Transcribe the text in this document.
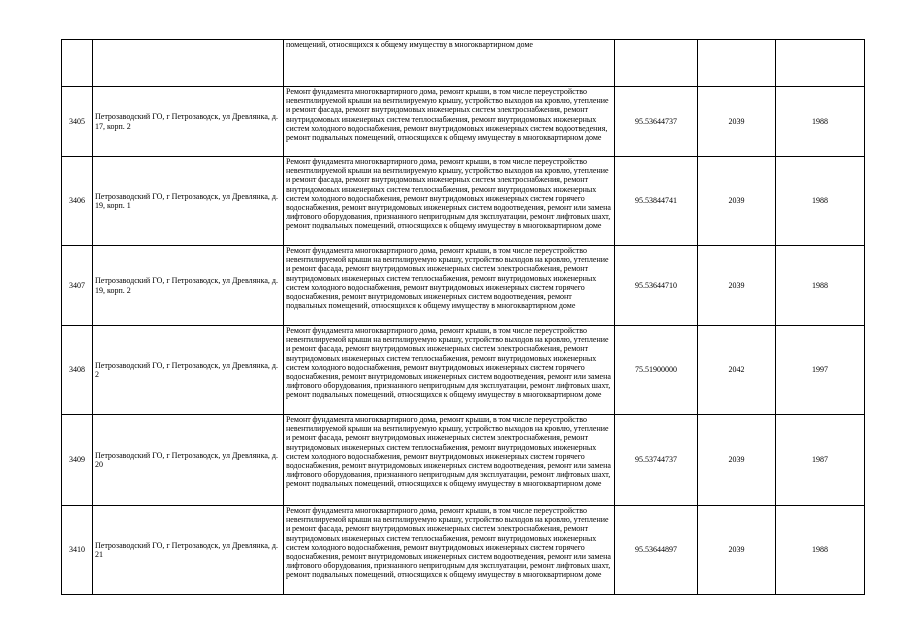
		помещений, относящихся к общему имуществу в многоквартирном доме			

3405	Петрозаводский ГО, г Петрозаводск, ул Древлянка, д. 17, корп. 2	Ремонт фундамента многоквартирного дома, ремонт крыши, в том числе переустройство невентилируемой крыши на вентилируемую крышу, устройство выходов на кровлю, утепление и ремонт фасада, ремонт внутридомовых инженерных систем электроснабжения, ремонт внутридомовых инженерных систем теплоснабжения, ремонт внутридомовых инженерных систем холодного водоснабжения, ремонт внутридомовых инженерных систем водоотведения, ремонт подвальных помещений, относящихся к общему имуществу в многоквартирном доме	95.53644737	2039	1988
3406	Петрозаводский ГО, г Петрозаводск, ул Древлянка, д. 19, корп. 1	Ремонт фундамента многоквартирного дома, ремонт крыши, в том числе переустройство невентилируемой крыши на вентилируемую крышу, устройство выходов на кровлю, утепление и ремонт фасада, ремонт внутридомовых инженерных систем электроснабжения, ремонт внутридомовых инженерных систем теплоснабжения, ремонт внутридомовых инженерных систем холодного водоснабжения, ремонт внутридомовых инженерных систем горячего водоснабжения, ремонт внутридомовых инженерных систем водоотведения, ремонт или замена лифтового оборудования, признанного непригодным для эксплуатации, ремонт лифтовых шахт, ремонт подвальных помещений, относящихся к общему имуществу в многоквартирном доме	95.53844741	2039	1988
3407	Петрозаводский ГО, г Петрозаводск, ул Древлянка, д. 19, корп. 2	Ремонт фундамента многоквартирного дома, ремонт крыши, в том числе переустройство невентилируемой крыши на вентилируемую крышу, устройство выходов на кровлю, утепление и ремонт фасада, ремонт внутридомовых инженерных систем электроснабжения, ремонт внутридомовых инженерных систем теплоснабжения, ремонт внутридомовых инженерных систем холодного водоснабжения, ремонт внутридомовых инженерных систем горячего водоснабжения, ремонт внутридомовых инженерных систем водоотведения, ремонт подвальных помещений, относящихся к общему имуществу в многоквартирном доме	95.53644710	2039	1988
3408	Петрозаводский ГО, г Петрозаводск, ул Древлянка, д. 2	Ремонт фундамента многоквартирного дома, ремонт крыши, в том числе переустройство невентилируемой крыши на вентилируемую крышу, устройство выходов на кровлю, утепление и ремонт фасада, ремонт внутридомовых инженерных систем электроснабжения, ремонт внутридомовых инженерных систем теплоснабжения, ремонт внутридомовых инженерных систем холодного водоснабжения, ремонт внутридомовых инженерных систем горячего водоснабжения, ремонт внутридомовых инженерных систем водоотведения, ремонт или замена лифтового оборудования, признанного непригодным для эксплуатации, ремонт лифтовых шахт, ремонт подвальных помещений, относящихся к общему имуществу в многоквартирном доме	75.51900000	2042	1997
3409	Петрозаводский ГО, г Петрозаводск, ул Древлянка, д. 20	Ремонт фундамента многоквартирного дома, ремонт крыши, в том числе переустройство невентилируемой крыши на вентилируемую крышу, устройство выходов на кровлю, утепление и ремонт фасада, ремонт внутридомовых инженерных систем электроснабжения, ремонт внутридомовых инженерных систем теплоснабжения, ремонт внутридомовых инженерных систем холодного водоснабжения, ремонт внутридомовых инженерных систем горячего водоснабжения, ремонт внутридомовых инженерных систем водоотведения, ремонт или замена лифтового оборудования, признанного непригодным для эксплуатации, ремонт лифтовых шахт, ремонт подвальных помещений, относящихся к общему имуществу в многоквартирном доме	95.53744737	2039	1987
3410	Петрозаводский ГО, г Петрозаводск, ул Древлянка, д. 21	Ремонт фундамента многоквартирного дома, ремонт крыши, в том числе переустройство невентилируемой крыши на вентилируемую крышу, устройство выходов на кровлю, утепление и ремонт фасада, ремонт внутридомовых инженерных систем электроснабжения, ремонт внутридомовых инженерных систем теплоснабжения, ремонт внутридомовых инженерных систем холодного водоснабжения, ремонт внутридомовых инженерных систем горячего водоснабжения, ремонт внутридомовых инженерных систем водоотведения, ремонт или замена лифтового оборудования, признанного непригодным для эксплуатации, ремонт лифтовых шахт, ремонт подвальных помещений, относящихся к общему имуществу в многоквартирном доме	95.53644897	2039	1988
